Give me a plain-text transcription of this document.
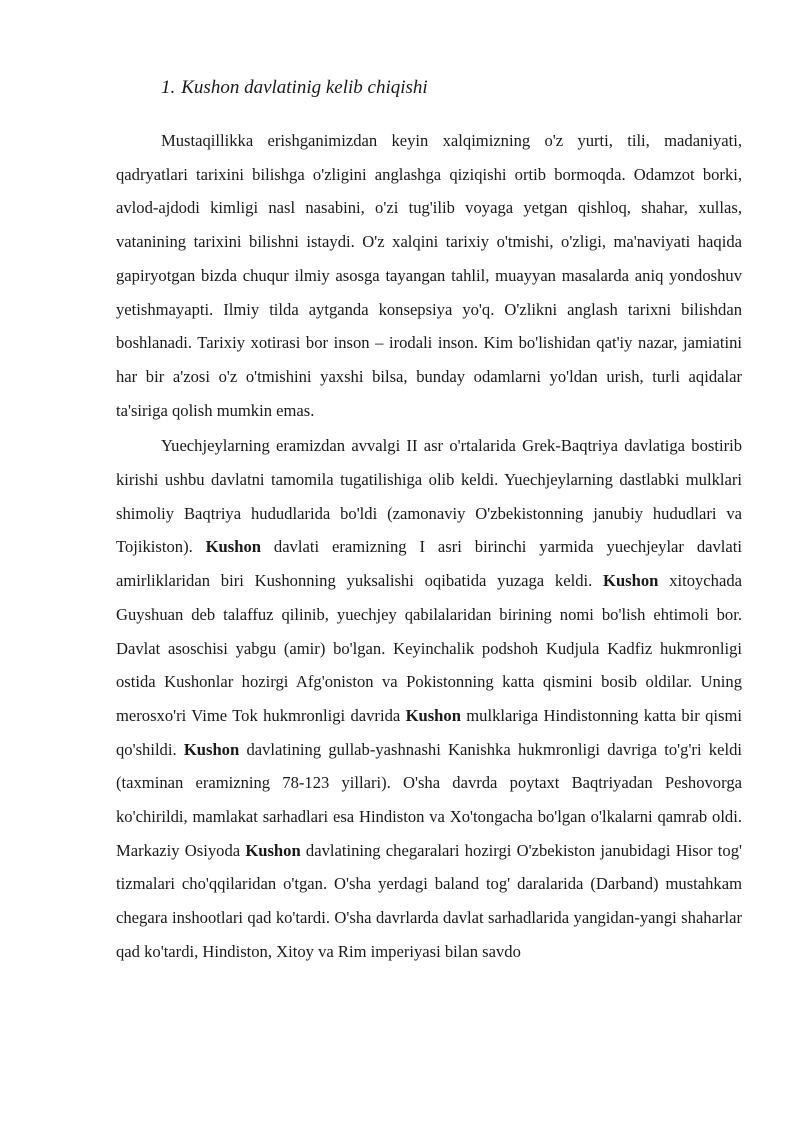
1. Kushon davlatinig kelib chiqishi

Mustaqillikka erishganimizdan keyin xalqimizning o'z yurti, tili, madaniyati, qadryatlari tarixini bilishga o'zligini anglashga qiziqishi ortib bormoqda. Odamzot borki, avlod-ajdodi kimligi nasl nasabini, o'zi tug'ilib voyaga yetgan qishloq, shahar, xullas, vatanining tarixini bilishni istaydi. O'z xalqini tarixiy o'tmishi, o'zligi, ma'naviyati haqida gapiryotgan bizda chuqur ilmiy asosga tayangan tahlil, muayyan masalarda aniq yondoshuv yetishmayapti. Ilmiy tilda aytganda konsepsiya yo'q. O'zlikni anglash tarixni bilishdan boshlanadi. Tarixiy xotirasi bor inson – irodali inson. Kim bo'lishidan qat'iy nazar, jamiatini har bir a'zosi o'z o'tmishini yaxshi bilsa, bunday odamlarni yo'ldan urish, turli aqidalar ta'siriga qolish mumkin emas.

Yuechjeylarning eramizdan avvalgi II asr o'rtalarida Grek-Baqtriya davlatiga bostirib kirishi ushbu davlatni tamomila tugatilishiga olib keldi. Yuechjeylarning dastlabki mulklari shimoliy Baqtriya hududlarida bo'ldi (zamonaviy O'zbekistonning janubiy hududlari va Tojikiston). Kushon davlati eramizning I asri birinchi yarmida yuechjeylar davlati amirliklaridan biri Kushonning yuksalishi oqibatida yuzaga keldi. Kushon xitoychada Guyshuan deb talaffuz qilinib, yuechjey qabilalaridan birining nomi bo'lish ehtimoli bor. Davlat asoschisi yabgu (amir) bo'lgan. Keyinchalik podshoh Kudjula Kadfiz hukmronligi ostida Kushonlar hozirgi Afg'oniston va Pokistonning katta qismini bosib oldilar. Uning merosxo'ri Vime Tok hukmronligi davrida Kushon mulklariga Hindistonning katta bir qismi qo'shildi. Kushon davlatining gullab-yashnashi Kanishka hukmronligi davriga to'g'ri keldi (taxminan eramizning 78-123 yillari). O'sha davrda poytaxt Baqtriyadan Peshovorga ko'chirildi, mamlakat sarhadlari esa Hindiston va Xo'tongacha bo'lgan o'lkalarni qamrab oldi. Markaziy Osiyoda Kushon davlatining chegaralari hozirgi O'zbekiston janubidagi Hisor tog' tizmalari cho'qqilaridan o'tgan. O'sha yerdagi baland tog' daralarida (Darband) mustahkam chegara inshootlari qad ko'tardi. O'sha davrlarda davlat sarhadlarida yangidan-yangi shaharlar qad ko'tardi, Hindiston, Xitoy va Rim imperiyasi bilan savdo
